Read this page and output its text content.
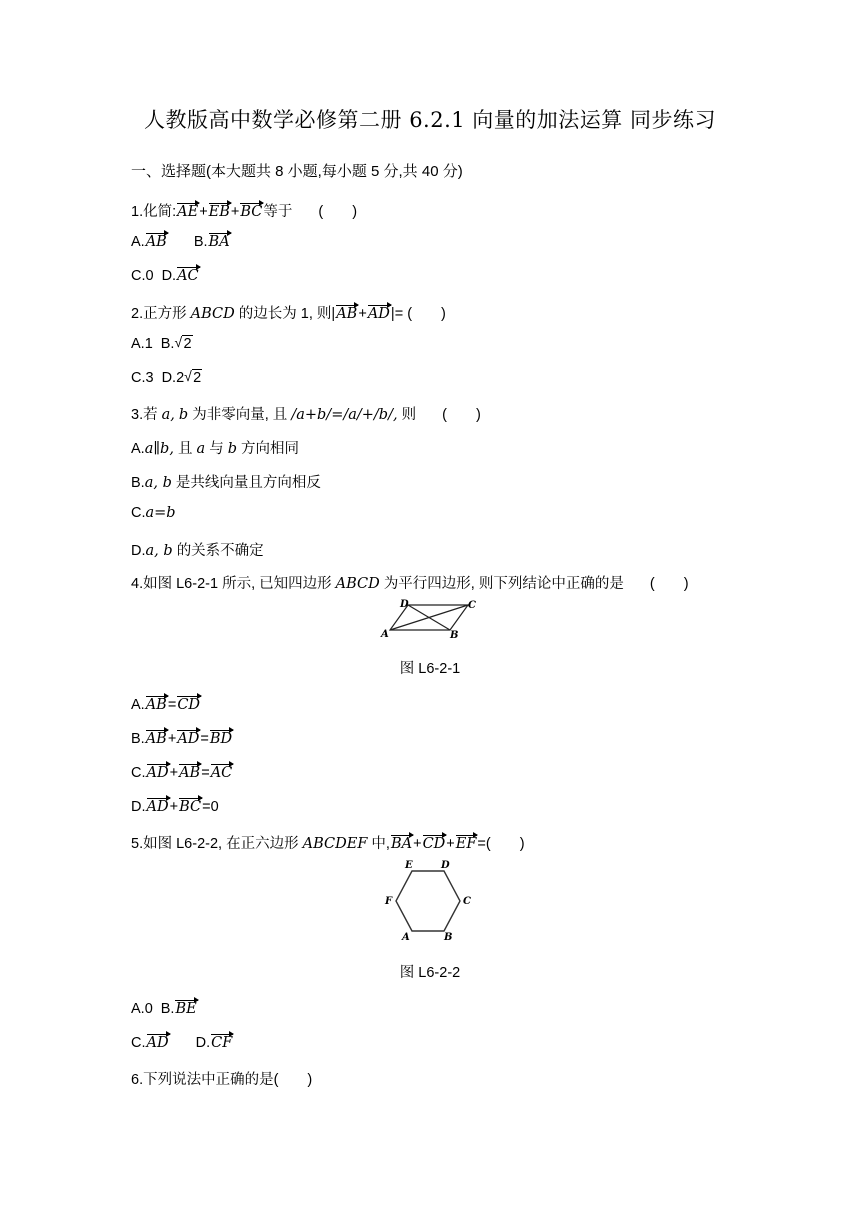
人教版高中数学必修第二册 6.2.1 向量的加法运算 同步练习
一、选择题(本大题共 8 小题,每小题 5 分,共 40 分)
1.化简:AE+EB+BC等于 (　　)
A.AB B.BA
C.0 D.AC
2.正方形 ABCD 的边长为 1, 则|AB+AD|= (　　)
A.1 B. √ 2
C.3 D.2 √ 2
3.若 a, b 为非零向量, 且 /a+b/=/a/+/b/, 则 (　　)
A.a∥b, 且 a 与 b 方向相同
B.a, b 是共线向量且方向相反
C.a=b
D.a, b 的关系不确定
4.如图 L6-2-1 所示, 已知四边形 ABCD 为平行四边形, 则下列结论中正确的是 (　　)
A	B
C
D
图 L6-2-1
A.AB=CD
B.AB+AD=BD
C.AD+AB=AC
D.AD+BC=0
5.如图 L6-2-2, 在正六边形 ABCDEF 中,BA+CD+EF=(　　)
A	B
C
D
E
F
图 L6-2-2
A.0 B.BE
C.AD D.CF
6.下列说法中正确的是(　　)
